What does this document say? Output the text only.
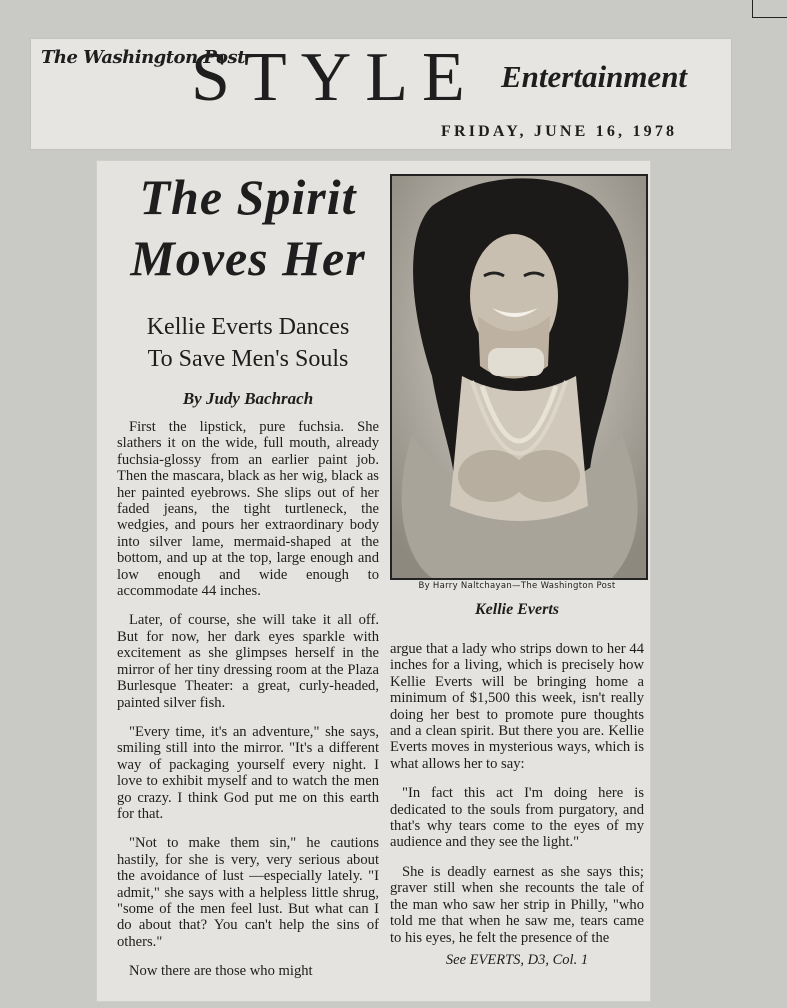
The Washington Post
STYLE Entertainment
FRIDAY, JUNE 16, 1978
The Spirit
Moves Her
Kellie Everts Dances
To Save Men's Souls
By Judy Bachrach

First the lipstick, pure fuchsia. She slathers it on the wide, full mouth, already fuchsia-glossy from an earlier paint job. Then the mascara, black as her wig, black as her painted eyebrows. She slips out of her faded jeans, the tight turtleneck, the wedgies, and pours her extraordinary body into silver lame, mermaid-shaped at the bottom, and up at the top, large enough and low enough and wide enough to accommodate 44 inches.

Later, of course, she will take it all off. But for now, her dark eyes sparkle with excitement as she glimpses herself in the mirror of her tiny dressing room at the Plaza Burlesque Theater: a great, curly-headed, painted silver fish.

"Every time, it's an adventure," she says, smiling still into the mirror. "It's a different way of packaging yourself every night. I love to exhibit myself and to watch the men go crazy. I think God put me on this earth for that.

"Not to make them sin," he cautions hastily, for she is very, very serious about the avoidance of lust —especially lately. "I admit," she says with a helpless little shrug, "some of the men feel lust. But what can I do about that? You can't help the sins of others."

Now there are those who might

By Harry Naltchayan—The Washington Post
Kellie Everts

argue that a lady who strips down to her 44 inches for a living, which is precisely how Kellie Everts will be bringing home a minimum of $1,500 this week, isn't really doing her best to promote pure thoughts and a clean spirit. But there you are. Kellie Everts moves in mysterious ways, which is what allows her to say:

"In fact this act I'm doing here is dedicated to the souls from purgatory, and that's why tears come to the eyes of my audience and they see the light."

She is deadly earnest as she says this; graver still when she recounts the tale of the man who saw her strip in Philly, "who told me that when he saw me, tears came to his eyes, he felt the presence of the

See EVERTS, D3, Col. 1
